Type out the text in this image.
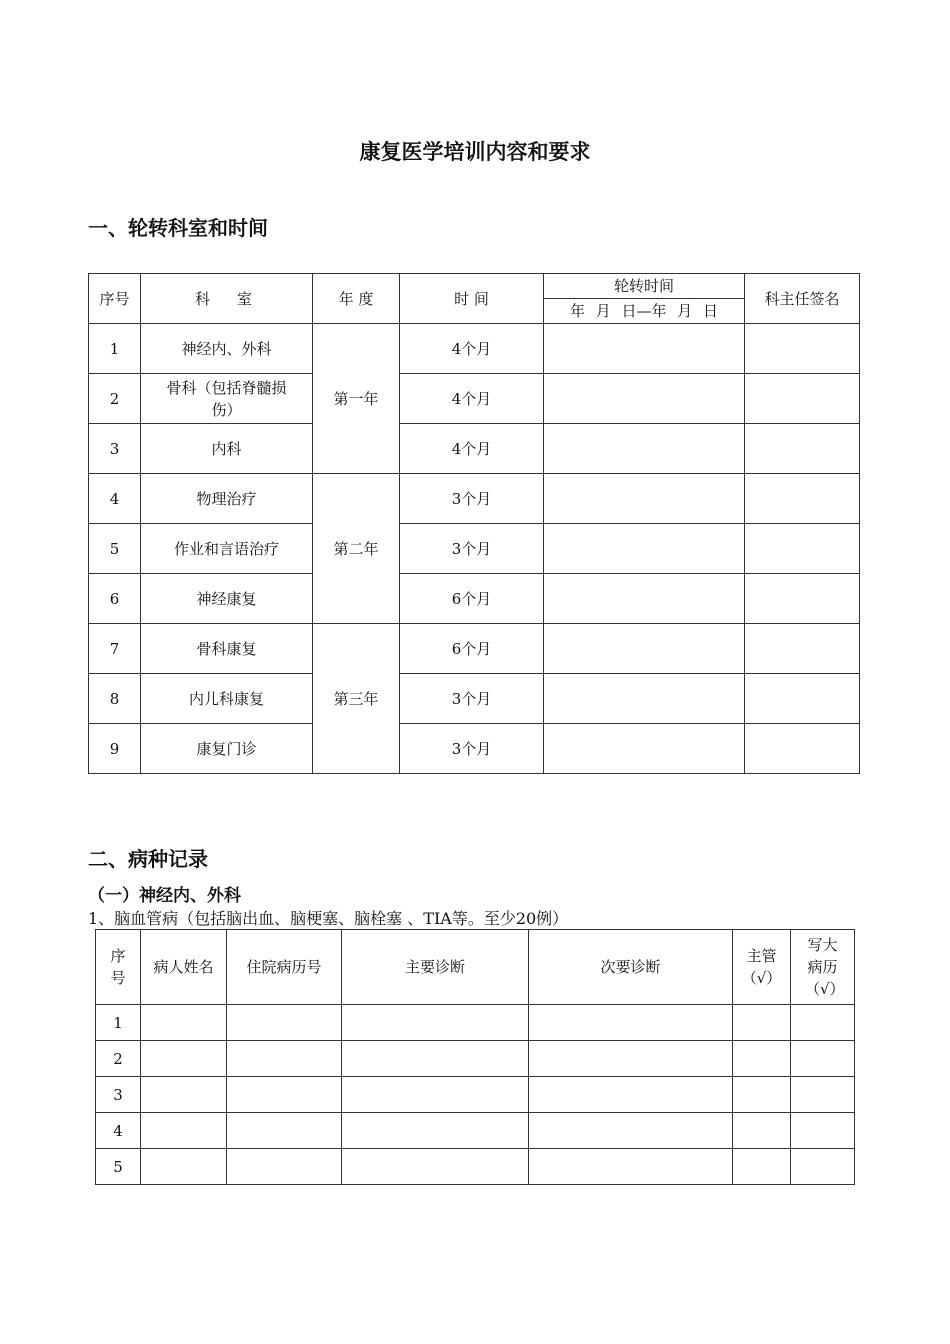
康复医学培训内容和要求
一、轮转科室和时间
序号	科　室	年 度	时 间	轮转时间	科主任签名
				年 月 日—年 月 日	
1	神经内、外科	第一年	4个月		
2	骨科（包括脊髓损伤）		4个月		
3	内科		4个月		
4	物理治疗	第二年	3个月		
5	作业和言语治疗		3个月		
6	神经康复		6个月		
7	骨科康复	第三年	6个月		
8	内儿科康复		3个月		
9	康复门诊		3个月		
二、病种记录
（一）神经内、外科
1、脑血管病（包括脑出血、脑梗塞、脑栓塞 、TIA等。至少20例）
序号	病人姓名	住院病历号	主要诊断	次要诊断	主管（√）	写大病历（√）
1						
2						
3						
4						
5						
